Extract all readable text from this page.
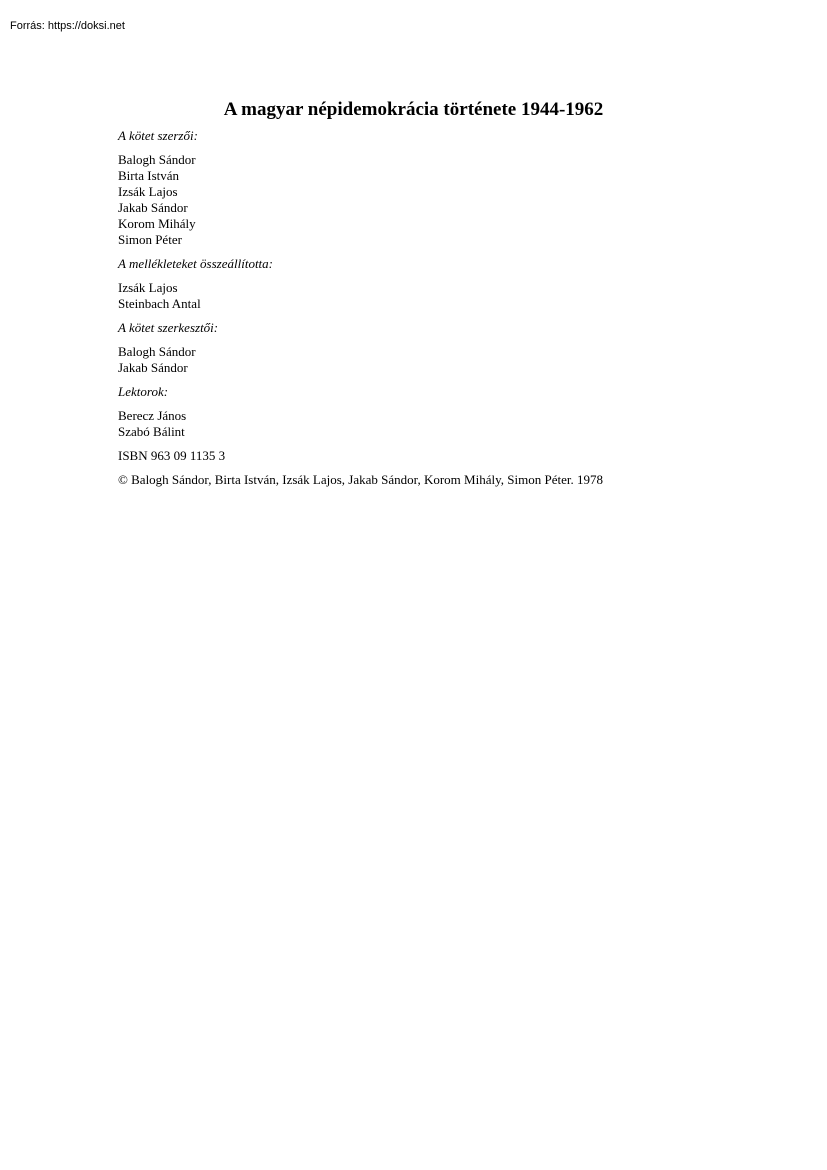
Forrás: https://doksi.net
A magyar népidemokrácia története 1944-1962
A kötet szerzői:
Balogh Sándor
Birta István
Izsák Lajos
Jakab Sándor
Korom Mihály
Simon Péter
A mellékleteket összeállította:
Izsák Lajos
Steinbach Antal
A kötet szerkesztői:
Balogh Sándor
Jakab Sándor
Lektorok:
Berecz János
Szabó Bálint
ISBN 963 09 1135 3
© Balogh Sándor, Birta István, Izsák Lajos, Jakab Sándor, Korom Mihály, Simon Péter. 1978
